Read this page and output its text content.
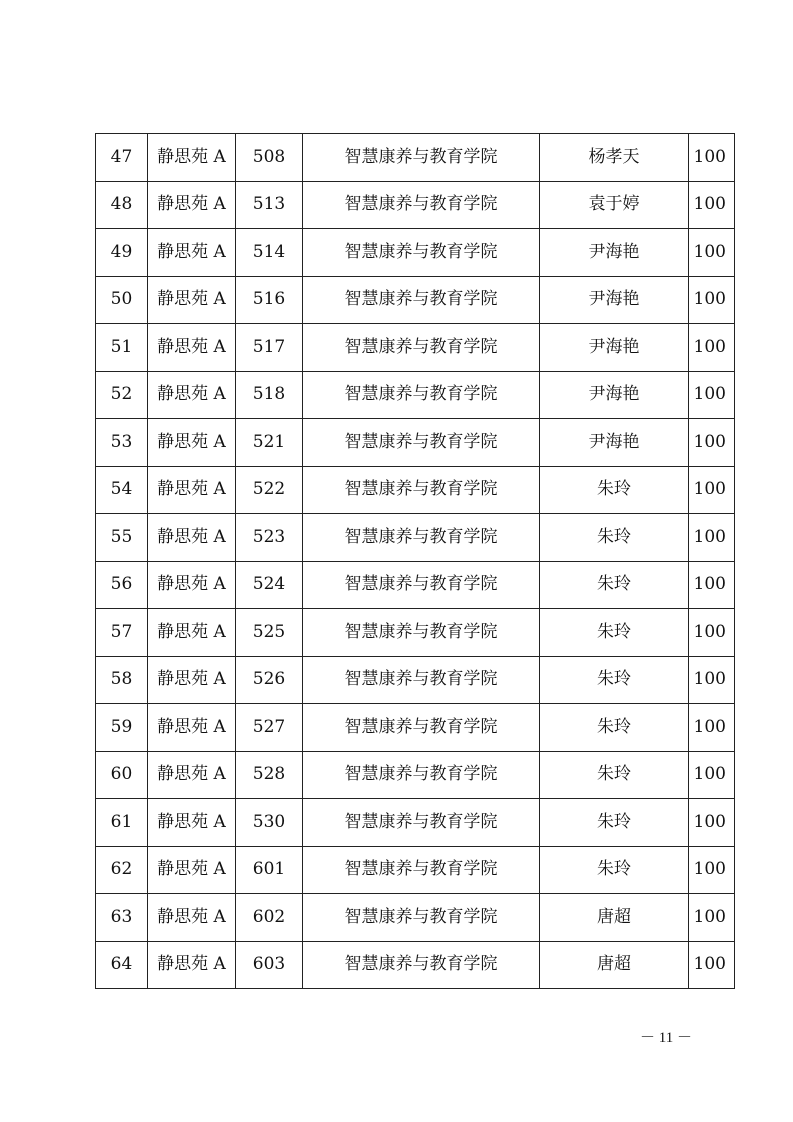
47	静思苑 A	508	智慧康养与教育学院	杨孝天	100
48	静思苑 A	513	智慧康养与教育学院	袁于婷	100
49	静思苑 A	514	智慧康养与教育学院	尹海艳	100
50	静思苑 A	516	智慧康养与教育学院	尹海艳	100
51	静思苑 A	517	智慧康养与教育学院	尹海艳	100
52	静思苑 A	518	智慧康养与教育学院	尹海艳	100
53	静思苑 A	521	智慧康养与教育学院	尹海艳	100
54	静思苑 A	522	智慧康养与教育学院	朱玲	100
55	静思苑 A	523	智慧康养与教育学院	朱玲	100
56	静思苑 A	524	智慧康养与教育学院	朱玲	100
57	静思苑 A	525	智慧康养与教育学院	朱玲	100
58	静思苑 A	526	智慧康养与教育学院	朱玲	100
59	静思苑 A	527	智慧康养与教育学院	朱玲	100
60	静思苑 A	528	智慧康养与教育学院	朱玲	100
61	静思苑 A	530	智慧康养与教育学院	朱玲	100
62	静思苑 A	601	智慧康养与教育学院	朱玲	100
63	静思苑 A	602	智慧康养与教育学院	唐超	100
64	静思苑 A	603	智慧康养与教育学院	唐超	100
－ 11 －
